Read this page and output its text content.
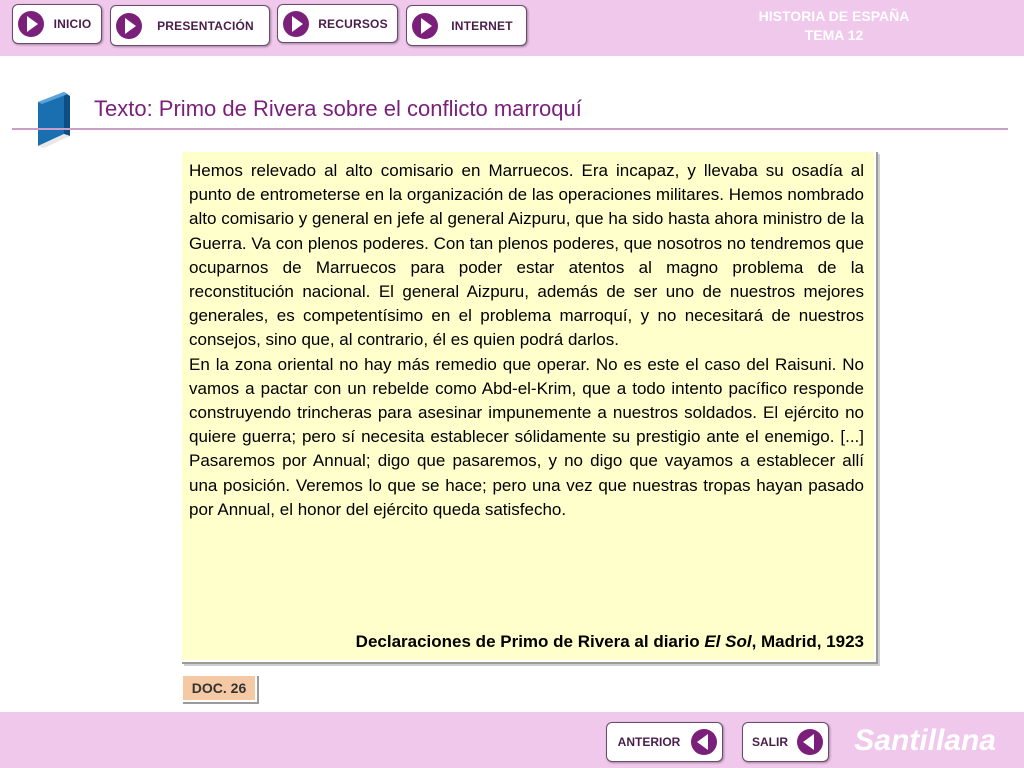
INICIO	PRESENTACIÓN	RECURSOS	INTERNET
HISTORIA DE ESPAÑA
TEMA 12
Texto: Primo de Rivera sobre el conflicto marroquí

Hemos relevado al alto comisario en Marruecos. Era incapaz, y llevaba su osadía al punto de entrometerse en la organización de las operaciones militares. Hemos nombrado alto comisario y general en jefe al general Aizpuru, que ha sido hasta ahora ministro de la Guerra. Va con plenos poderes. Con tan plenos poderes, que nosotros no tendremos que ocuparnos de Marruecos para poder estar atentos al magno problema de la reconstitución nacional. El general Aizpuru, además de ser uno de nuestros mejores generales, es competentísimo en el problema marroquí, y no necesitará de nuestros consejos, sino que, al contrario, él es quien podrá darlos.

En la zona oriental no hay más remedio que operar. No es este el caso del Raisuni. No vamos a pactar con un rebelde como Abd-el-Krim, que a todo intento pacífico responde construyendo trincheras para asesinar impunemente a nuestros soldados. El ejército no quiere guerra; pero sí necesita establecer sólidamente su prestigio ante el enemigo. [...] Pasaremos por Annual; digo que pasaremos, y no digo que vayamos a establecer allí una posición. Veremos lo que se hace; pero una vez que nuestras tropas hayan pasado por Annual, el honor del ejército queda satisfecho.

Declaraciones de Primo de Rivera al diario El Sol, Madrid, 1923
DOC. 26
ANTERIOR	SALIR	Santillana
